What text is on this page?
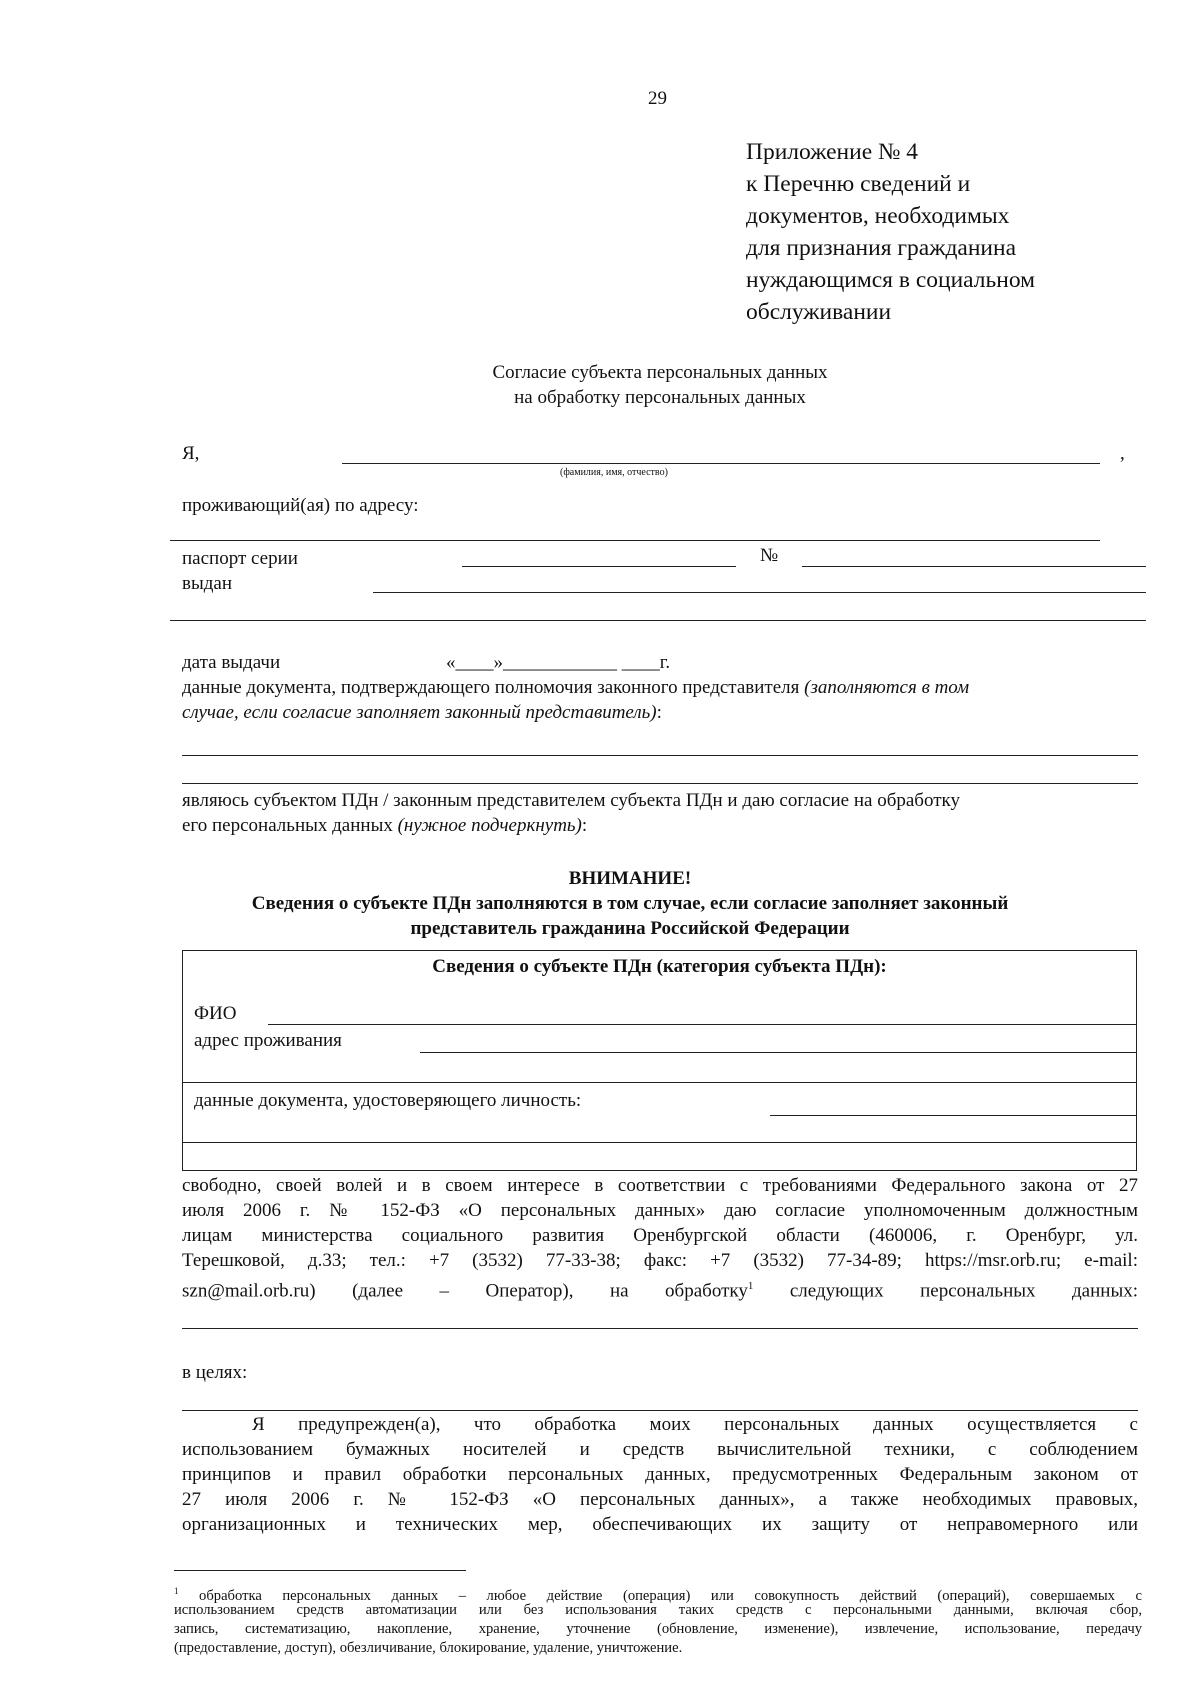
29
Приложение № 4
к Перечню сведений и
документов, необходимых
для признания гражданина
нуждающимся в социальном
обслуживании
Согласие субъекта персональных данных
на обработку персональных данных
Я,	,
(фамилия, имя, отчество)
проживающий(ая) по адресу:
паспорт серии	№
выдан
дата выдачи	«____»____________ ____г.
данные документа, подтверждающего полномочия законного представителя (заполняются в том
случае, если согласие заполняет законный представитель):
являюсь субъектом ПДн / законным представителем субъекта ПДн и даю согласие на обработку
его персональных данных (нужное подчеркнуть):
ВНИМАНИЕ!
Сведения о субъекте ПДн заполняются в том случае, если согласие заполняет законный
представитель гражданина Российской Федерации
Сведения о субъекте ПДн (категория субъекта ПДн):
ФИО
адрес проживания
данные документа, удостоверяющего личность:
свободно, своей волей и в своем интересе в соответствии с требованиями Федерального закона от 27
июля 2006 г. № 152-ФЗ «О персональных данных» даю согласие уполномоченным должностным
лицам министерства социального развития Оренбургской области (460006, г. Оренбург, ул.
Терешковой, д.33; тел.: +7 (3532) 77-33-38; факс: +7 (3532) 77-34-89; https://msr.orb.ru; e-mail:
szn@mail.orb.ru) (далее – Оператор), на обработку$^1$ следующих персональных данных:
в целях:
Я предупрежден(а), что обработка моих персональных данных осуществляется с
использованием бумажных носителей и средств вычислительной техники, с соблюдением
принципов и правил обработки персональных данных, предусмотренных Федеральным законом от
27 июля 2006 г. № 152-ФЗ «О персональных данных», а также необходимых правовых,
организационных и технических мер, обеспечивающих их защиту от неправомерного или
$^1$ обработка персональных данных – любое действие (операция) или совокупность действий (операций), совершаемых с
использованием средств автоматизации или без использования таких средств с персональными данными, включая сбор,
запись, систематизацию, накопление, хранение, уточнение (обновление, изменение), извлечение, использование, передачу
(предоставление, доступ), обезличивание, блокирование, удаление, уничтожение.
